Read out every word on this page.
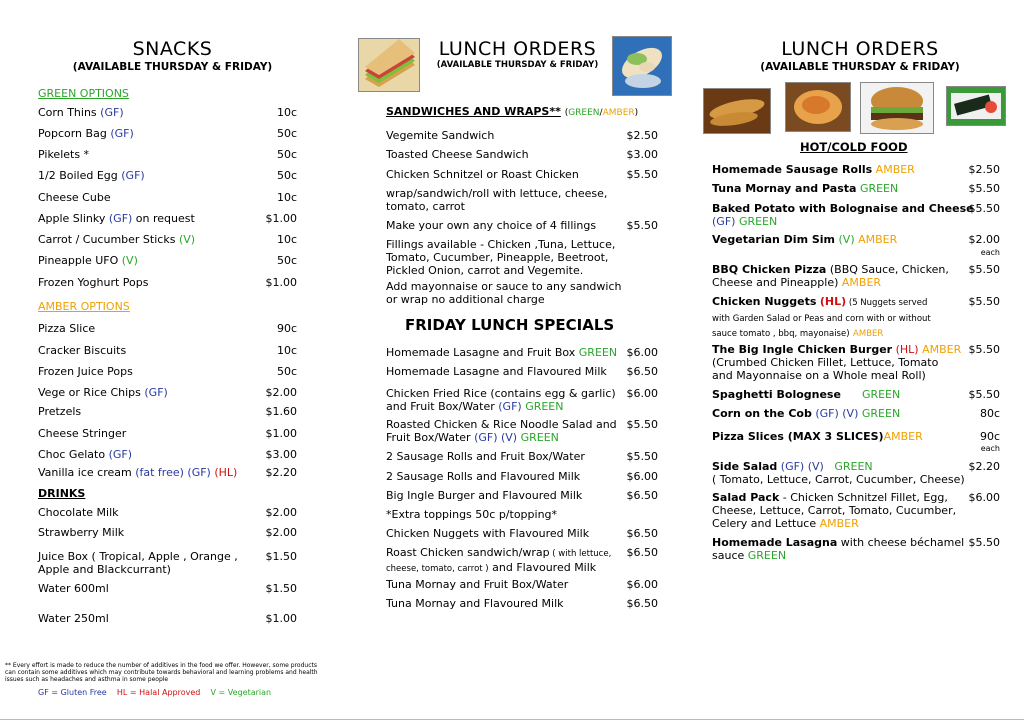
SNACKS
(AVAILABLE THURSDAY & FRIDAY)
GREEN OPTIONS
Corn Thins (GF)	10c
Popcorn Bag (GF)	50c
Pikelets *	50c
1/2 Boiled Egg (GF)	50c
Cheese Cube	10c
Apple Slinky (GF) on request	$1.00
Carrot / Cucumber Sticks (V)	10c
Pineapple UFO (V)	50c
Frozen Yoghurt Pops	$1.00
AMBER OPTIONS
Pizza Slice	90c
Cracker Biscuits	10c
Frozen Juice Pops	50c
Vege or Rice Chips (GF)	$2.00
Pretzels	$1.60
Cheese Stringer	$1.00
Choc Gelato (GF)	$3.00
Vanilla ice cream (fat free) (GF) (HL)	$2.20
DRINKS
Chocolate Milk	$2.00
Strawberry Milk	$2.00
Juice Box ( Tropical, Apple , Orange ,
Apple and Blackcurrant)
$1.50
Water 600ml	$1.50
Water 250ml	$1.00
** Every effort is made to reduce the number of additives in the food we offer. However, some products can contain some additives which may contribute towards behavioral and learning problems and health issues such as headaches and asthma in some people
GF = Gluten Free HL = Halal Approved V = Vegetarian
LUNCH ORDERS
(AVAILABLE THURSDAY & FRIDAY)
SANDWICHES AND WRAPS** (GREEN/AMBER)
Vegemite Sandwich	$2.50
Toasted Cheese Sandwich	$3.00
Chicken Schnitzel or Roast Chicken	$5.50
wrap/sandwich/roll with lettuce, cheese,
tomato, carrot
Make your own any choice of 4 fillings	$5.50
Fillings available - Chicken ,Tuna, Lettuce,
Tomato, Cucumber, Pineapple, Beetroot,
Pickled Onion, carrot and Vegemite.
Add mayonnaise or sauce to any sandwich
or wrap no additional charge
FRIDAY LUNCH SPECIALS
Homemade Lasagne and Fruit Box GREEN $6.00
Homemade Lasagne and Flavoured Milk	$6.50
Chicken Fried Rice (contains egg & garlic)
and Fruit Box/Water (GF) GREEN
$6.00
Roasted Chicken & Rice Noodle Salad and
Fruit Box/Water (GF) (V) GREEN
$5.50
2 Sausage Rolls and Fruit Box/Water	$5.50
2 Sausage Rolls and Flavoured Milk	$6.00
Big Ingle Burger and Flavoured Milk	$6.50
*Extra toppings 50c p/topping*
Chicken Nuggets with Flavoured Milk	$6.50
Roast Chicken sandwich/wrap ( with lettuce,
cheese, tomato, carrot ) and Flavoured Milk
$6.50
Tuna Mornay and Fruit Box/Water	$6.00
Tuna Mornay and Flavoured Milk	$6.50
LUNCH ORDERS
(AVAILABLE THURSDAY & FRIDAY)
HOT/COLD FOOD
Homemade Sausage Rolls AMBER	$2.50
Tuna Mornay and Pasta GREEN	$5.50
Baked Potato with Bolognaise and Cheese
(GF) GREEN
$5.50
Vegetarian Dim Sim (V) AMBER	$2.00
each
BBQ Chicken Pizza (BBQ Sauce, Chicken,
Cheese and Pineapple) AMBER
$5.50
Chicken Nuggets (HL) (5 Nuggets served
with Garden Salad or Peas and corn with or without
sauce tomato , bbq, mayonaise) AMBER
$5.50
The Big Ingle Chicken Burger (HL) AMBER
(Crumbed Chicken Fillet, Lettuce, Tomato
and Mayonnaise on a Whole meal Roll)
$5.50
Spaghetti Bolognese GREEN	$5.50
Corn on the Cob (GF) (V) GREEN	80c
Pizza Slices (MAX 3 SLICES)AMBER	90c
each
Side Salad (GF) (V) GREEN
( Tomato, Lettuce, Carrot, Cucumber, Cheese)
$2.20
Salad Pack - Chicken Schnitzel Fillet, Egg,
Cheese, Lettuce, Carrot, Tomato, Cucumber,
Celery and Lettuce AMBER
$6.00
Homemade Lasagna with cheese béchamel
sauce GREEN
$5.50
